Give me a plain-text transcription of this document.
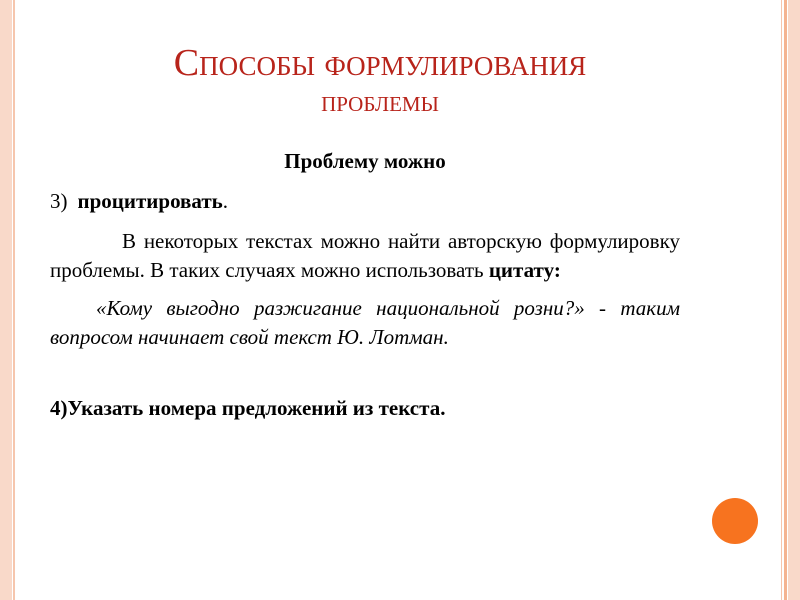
Способы формулирования
проблемы

Проблему можно

3) процитировать.

В некоторых текстах можно найти авторскую формулировку проблемы. В таких случаях можно использовать цитату:

«Кому выгодно разжигание национальной розни?» - таким вопросом начинает свой текст Ю. Лотман.

4)Указать номера предложений из текста.
